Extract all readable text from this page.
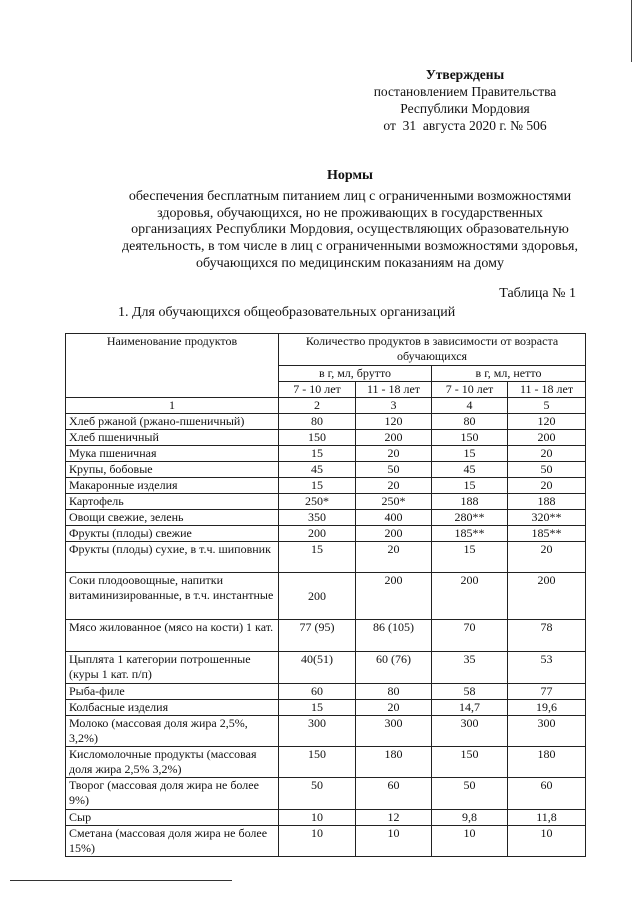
Утверждены
постановлением Правительства
Республики Мордовия
от  31  августа 2020 г. № 506
Нормы
обеспечения бесплатным питанием лиц с ограниченными возможностями
здоровья, обучающихся, но не проживающих в государственных
организациях Республики Мордовия, осуществляющих образовательную
деятельность, в том числе в лиц с ограниченными возможностями здоровья,
обучающихся по медицинским показаниям на дому
Таблица № 1
1. Для обучающихся общеобразовательных организаций
Наименование продуктов	Количество продуктов в зависимости от возраста обучающихся			
	в г, мл, брутто		в г, мл, нетто	
	7 - 10 лет	11 - 18 лет	7 - 10 лет	11 - 18 лет
1	2	3	4	5
Хлеб ржаной (ржано-пшеничный)	80	120	80	120
Хлеб пшеничный	150	200	150	200
Мука пшеничная	15	20	15	20
Крупы, бобовые	45	50	45	50
Макаронные изделия	15	20	15	20
Картофель	250*	250*	188	188
Овощи свежие, зелень	350	400	280**	320**
Фрукты (плоды) свежие	200	200	185**	185**
Фрукты (плоды) сухие, в т.ч. шиповник	15	20	15	20
Соки плодоовощные, напитки витаминизированные, в т.ч. инстантные	200	200	200	200
Мясо жилованное (мясо на кости) 1 кат.	77 (95)	86 (105)	70	78
Цыплята 1 категории потрошенные (куры 1 кат. п/п)	40(51)	60 (76)	35	53
Рыба-филе	60	80	58	77
Колбасные изделия	15	20	14,7	19,6
Молоко (массовая доля жира 2,5%, 3,2%)	300	300	300	300
Кисломолочные продукты (массовая доля жира 2,5% 3,2%)	150	180	150	180
Творог (массовая доля жира не более 9%)	50	60	50	60
Сыр	10	12	9,8	11,8
Сметана (массовая доля жира не более 15%)	10	10	10	10
